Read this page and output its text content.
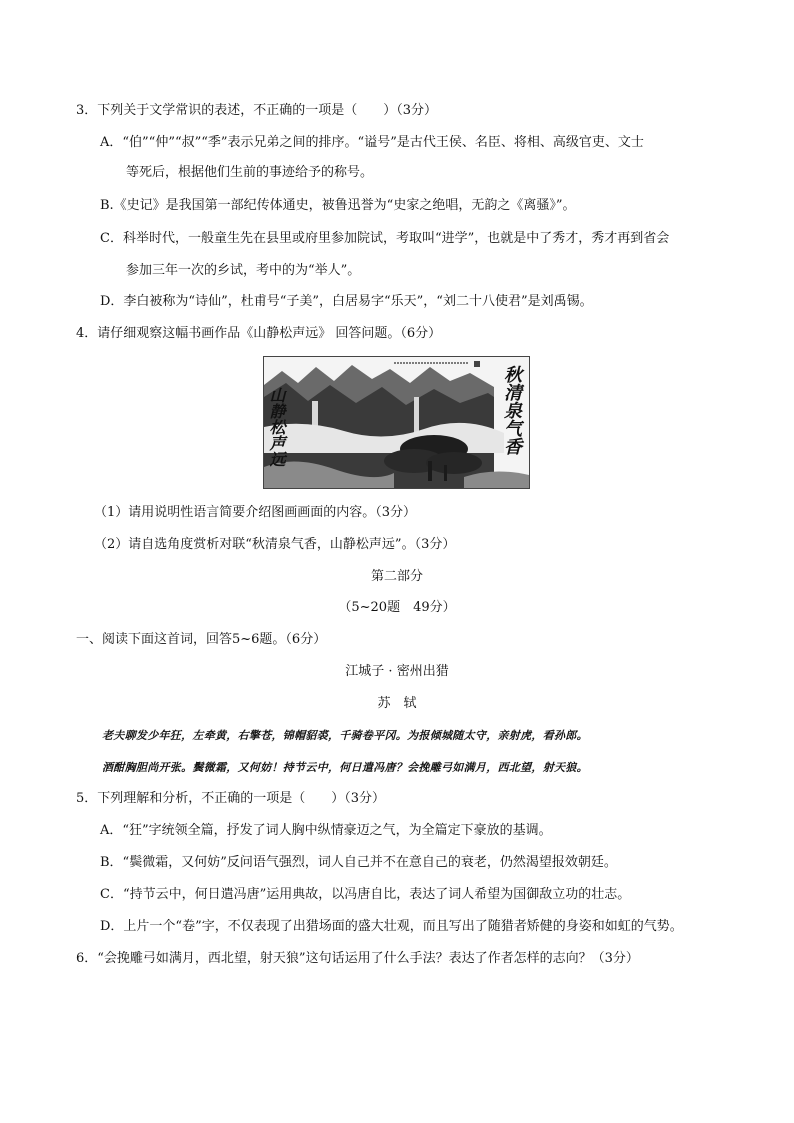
3．下列关于文学常识的表述，不正确的一项是（　　）（3分）
A．“伯”“仲”“叔”“季”表示兄弟之间的排序。“谥号”是古代王侯、名臣、将相、高级官吏、文士
等死后，根据他们生前的事迹给予的称号。
B.《史记》是我国第一部纪传体通史，被鲁迅誉为“史家之绝唱，无韵之《离骚》”。
C．科举时代，一般童生先在县里或府里参加院试，考取叫“进学”，也就是中了秀才，秀才再到省会
参加三年一次的乡试，考中的为“举人”。
D．李白被称为“诗仙”，杜甫号“子美”，白居易字“乐天”，“刘二十八使君”是刘禹锡。
4．请仔细观察这幅书画作品《山静松声远》 回答问题。（6分）
秋清泉气香
山静松声远
（1）请用说明性语言简要介绍图画画面的内容。（3分）
（2）请自选角度赏析对联“秋清泉气香，山静松声远”。（3分）
第二部分
（5~20题　49分）
一、阅读下面这首词，回答5~6题。（6分）
江城子 · 密州出猎
苏　轼
老夫聊发少年狂，左牵黄，右擎苍，锦帽貂裘，千骑卷平冈。为报倾城随太守，亲射虎，看孙郎。
酒酣胸胆尚开张。鬓微霜，又何妨！持节云中，何日遣冯唐？会挽雕弓如满月，西北望，射天狼。
5．下列理解和分析，不正确的一项是（　　）（3分）
A．“狂”字统领全篇，抒发了词人胸中纵情豪迈之气，为全篇定下豪放的基调。
B．“鬓微霜，又何妨”反问语气强烈，词人自己并不在意自己的衰老，仍然渴望报效朝廷。
C．“持节云中，何日遣冯唐”运用典故，以冯唐自比，表达了词人希望为国御敌立功的壮志。
D．上片一个“卷”字，不仅表现了出猎场面的盛大壮观，而且写出了随猎者矫健的身姿和如虹的气势。
6．“会挽雕弓如满月，西北望，射天狼”这句话运用了什么手法？表达了作者怎样的志向？（3分）
